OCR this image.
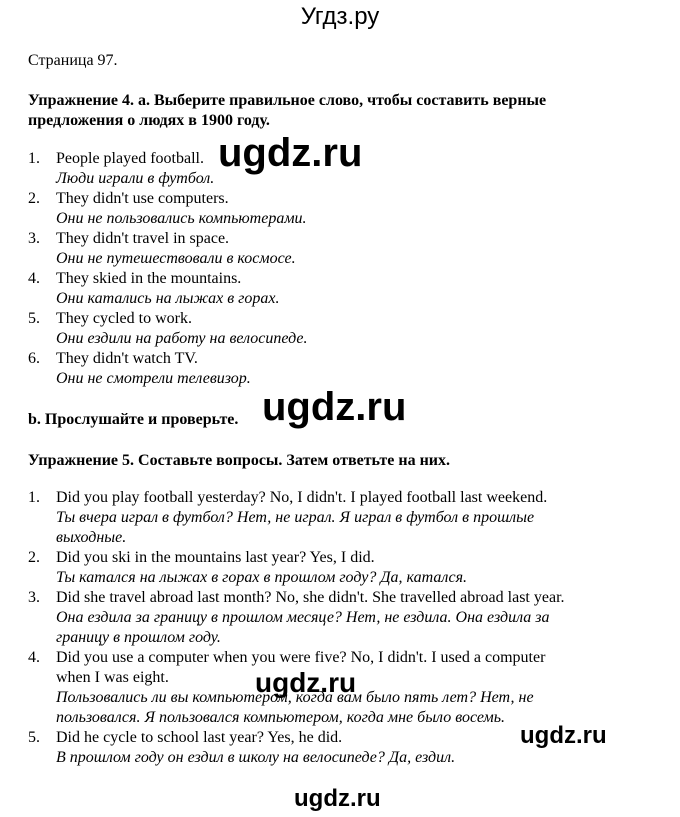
Угдз.ру
Страница 97.
Упражнение 4. а. Выберите правильное слово, чтобы составить верные
предложения о людях в 1900 году.
1. People played football.
Люди играли в футбол.
2. They didn't use computers.
Они не пользовались компьютерами.
3. They didn't travel in space.
Они не путешествовали в космосе.
4. They skied in the mountains.
Они катались на лыжах в горах.
5. They cycled to work.
Они ездили на работу на велосипеде.
6. They didn't watch TV.
Они не смотрели телевизор.
b. Прослушайте и проверьте.
Упражнение 5. Составьте вопросы. Затем ответьте на них.
1. Did you play football yesterday? No, I didn't. I played football last weekend.
Ты вчера играл в футбол? Нет, не играл. Я играл в футбол в прошлые
выходные.
2. Did you ski in the mountains last year? Yes, I did.
Ты катался на лыжах в горах в прошлом году? Да, катался.
3. Did she travel abroad last month? No, she didn't. She travelled abroad last year.
Она ездила за границу в прошлом месяце? Нет, не ездила. Она ездила за
границу в прошлом году.
4. Did you use a computer when you were five? No, I didn't. I used a computer
when I was eight.
Пользовались ли вы компьютером, когда вам было пять лет? Нет, не
пользовался. Я пользовался компьютером, когда мне было восемь.
5. Did he cycle to school last year? Yes, he did.
В прошлом году он ездил в школу на велосипеде? Да, ездил.
ugdz.ru
ugdz.ru
ugdz.ru
ugdz.ru
ugdz.ru
